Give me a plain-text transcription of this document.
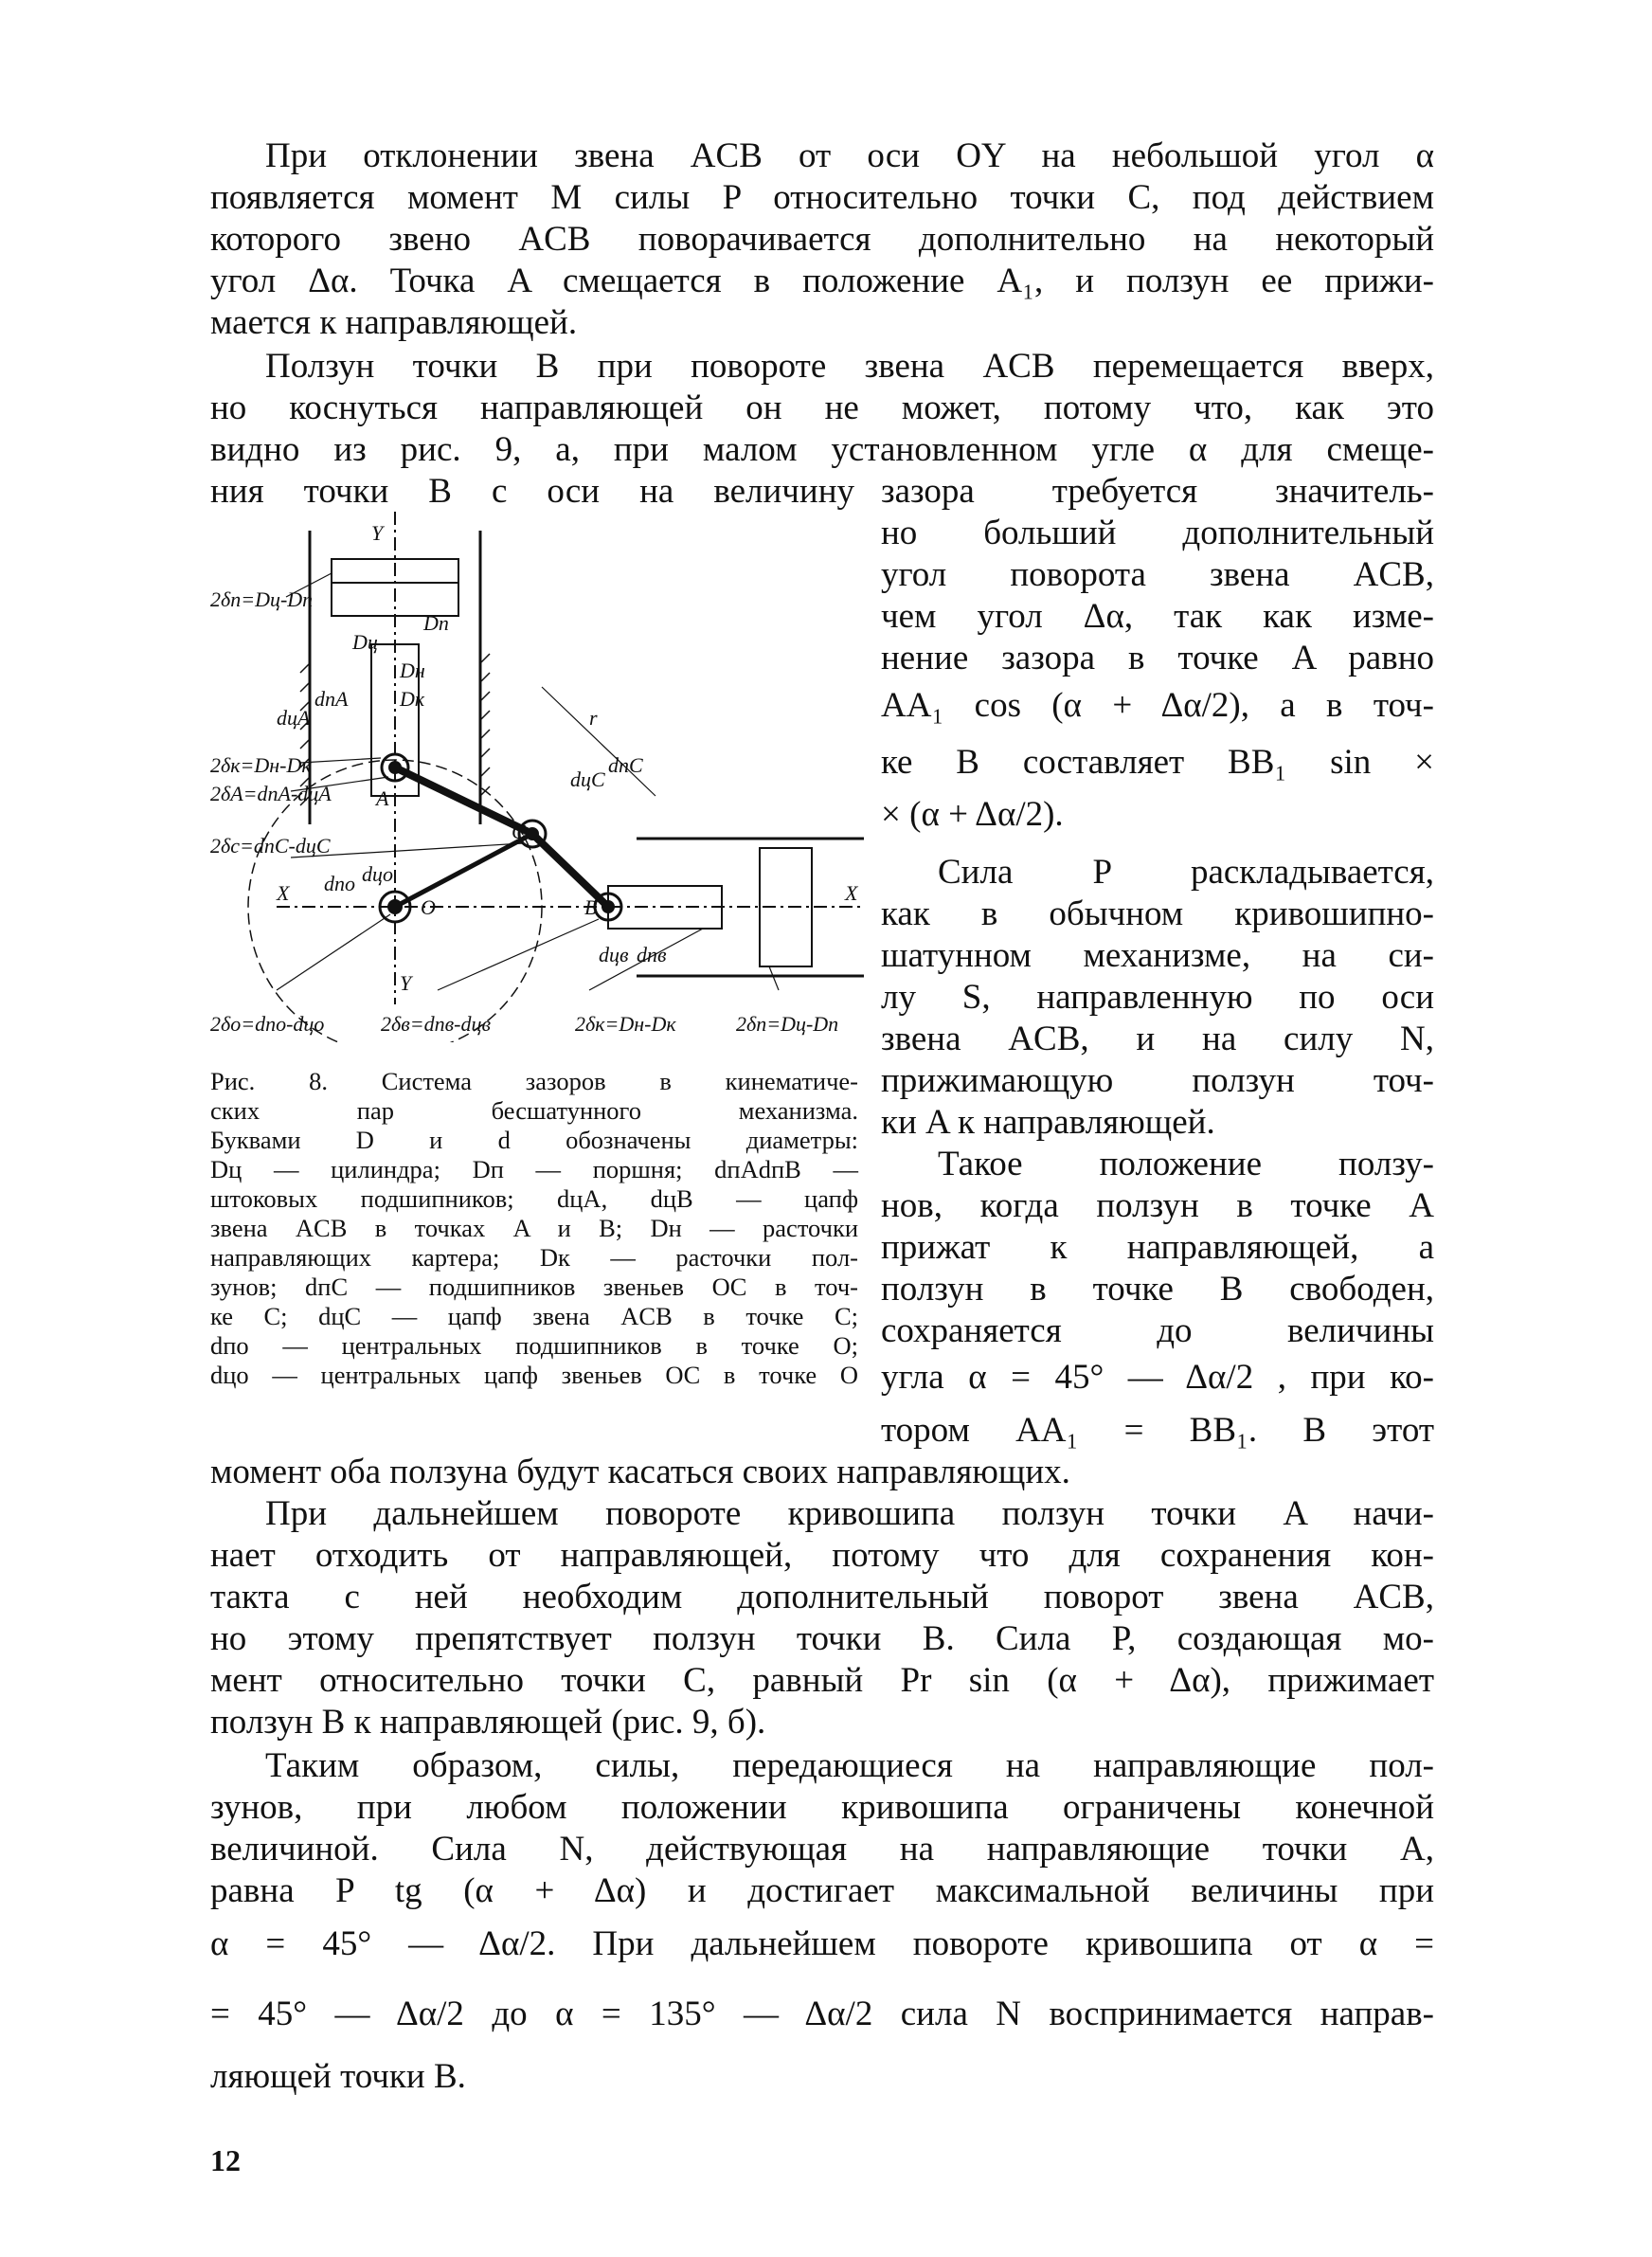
При отклонении звена ACB от оси OY на небольшой угол α
появляется момент M силы P относительно точки C, под действием
которого звено ACB поворачивается дополнительно на некоторый
угол Δα. Точка A смещается в положение A₁, и ползун ее прижи-
мается к направляющей.
Ползун точки B при повороте звена ACB перемещается вверх,
но коснуться направляющей он не может, потому что, как это
видно из рис. 9, а, при малом установленном угле α для смеще-
ния точки B с оси на величину зазора требуется значитель-
но больший дополнительный
угол поворота звена ACB,
чем угол Δα, так как изме-
нение зазора в точке A равно
AA₁ cos (α + Δα/2), а в точ-
ке B составляет BB₁ sin ×
× (α + Δα/2).
Сила P раскладывается,
как в обычном кривошипно-
шатунном механизме, на си-
лу S, направленную по оси
звена ACB, и на силу N,
прижимающую ползун точ-
ки A к направляющей.
Такое положение ползу-
нов, когда ползун в точке A
прижат к направляющей, а
ползун в точке B свободен,
сохраняется до величины
угла α = 45° — Δα/2 , при ко-
тором AA₁ = BB₁. В этот
Y
Y
X	X
A
B
C
O
2δп=Dц-Dп
2δк=Dн-Dк
2δA=dпA-dцA
2δc=dпC-dцC
2δo=dпo-dцo	2δв=dпв-dцв	2δк=Dн-Dк	2δп=Dц-Dп
Dп
Dц
Dн
Dк
dпA
dцA	r
dпC
dцC
dпo dцo
dцв dпв
Рис. 8. Система зазоров в кинематиче-
ских пар бесшатунного механизма.
Буквами D и d обозначены диаметры:
Dц — цилиндра; Dп — поршня; dпAdпB —
штоковых подшипников; dцA, dцB — цапф
звена ACB в точках A и B; Dн — расточки
направляющих картера; Dк — расточки пол-
зунов; dпC — подшипников звеньев OC в точ-
ке C; dцC — цапф звена ACB в точке C;
dпо — центральных подшипников в точке O;
dцо — центральных цапф звеньев OC в точке O
момент оба ползуна будут касаться своих направляющих.
При дальнейшем повороте кривошипа ползун точки A начи-
нает отходить от направляющей, потому что для сохранения кон-
такта с ней необходим дополнительный поворот звена ACB,
но этому препятствует ползун точки B. Сила P, создающая мо-
мент относительно точки C, равный Pr sin (α + Δα), прижимает
ползун B к направляющей (рис. 9, б).
Таким образом, силы, передающиеся на направляющие пол-
зунов, при любом положении кривошипа ограничены конечной
величиной. Сила N, действующая на направляющие точки A,
равна P tg (α + Δα) и достигает максимальной величины при
α = 45° — Δα/2. При дальнейшем повороте кривошипа от α =
= 45° — Δα/2 до α = 135° — Δα/2 сила N воспринимается направ-
ляющей точки B.
12
